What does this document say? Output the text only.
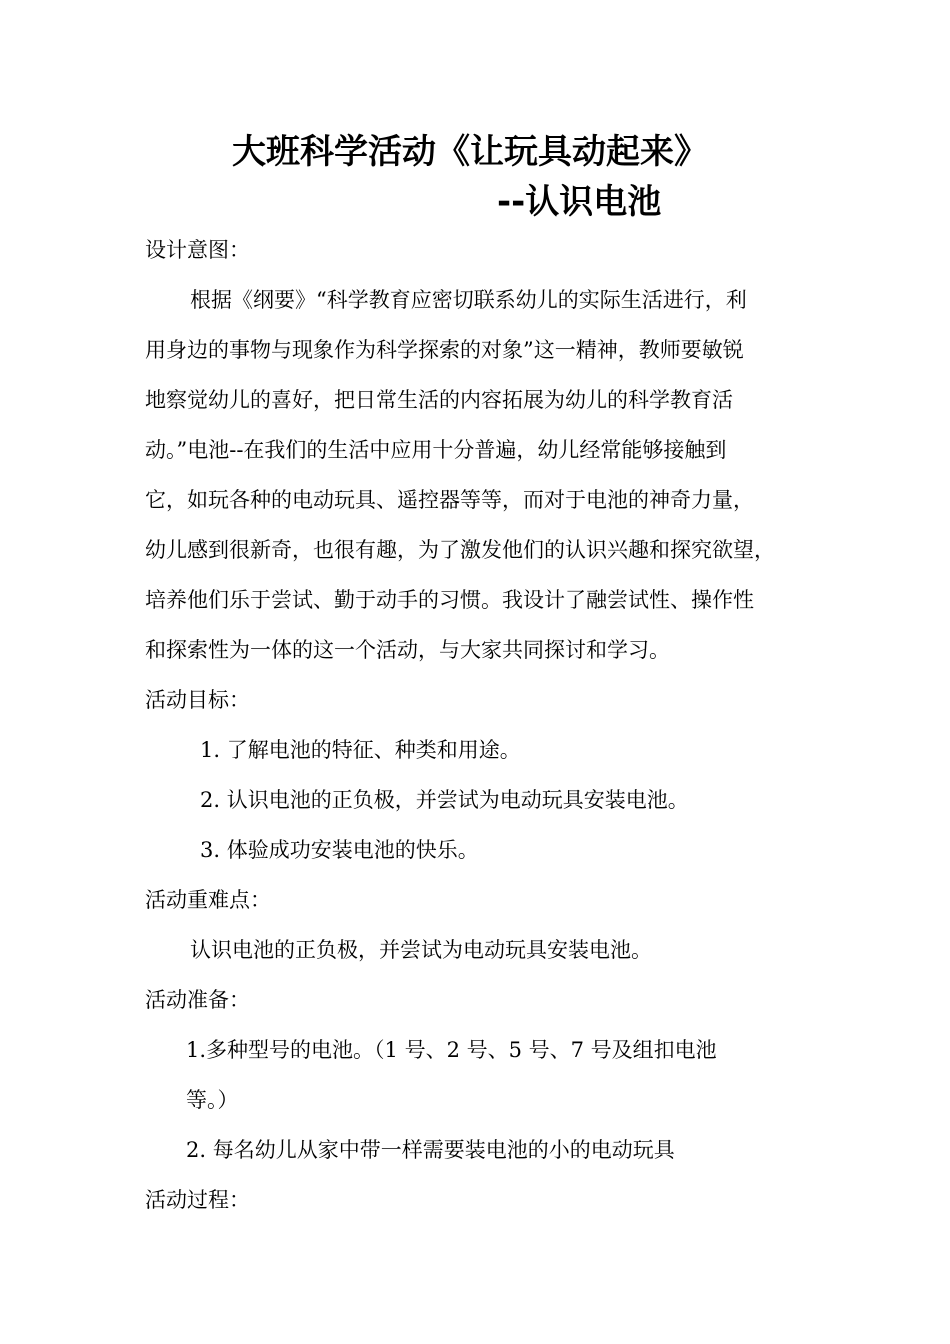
大班科学活动《让玩具动起来》
--认识电池
设计意图：
根据《纲要》“科学教育应密切联系幼儿的实际生活进行，利
用身边的事物与现象作为科学探索的对象”这一精神，教师要敏锐
地察觉幼儿的喜好，把日常生活的内容拓展为幼儿的科学教育活
动。”电池--在我们的生活中应用十分普遍，幼儿经常能够接触到
它，如玩各种的电动玩具、遥控器等等，而对于电池的神奇力量，
幼儿感到很新奇，也很有趣，为了激发他们的认识兴趣和探究欲望，
培养他们乐于尝试、勤于动手的习惯。我设计了融尝试性、操作性
和探索性为一体的这一个活动，与大家共同探讨和学习。
活动目标：
1. 了解电池的特征、种类和用途。
2. 认识电池的正负极，并尝试为电动玩具安装电池。
3. 体验成功安装电池的快乐。
活动重难点：
认识电池的正负极，并尝试为电动玩具安装电池。
活动准备：
1.多种型号的电池。（1 号、2 号、5 号、7 号及组扣电池
等。）
2. 每名幼儿从家中带一样需要装电池的小的电动玩具
活动过程：
